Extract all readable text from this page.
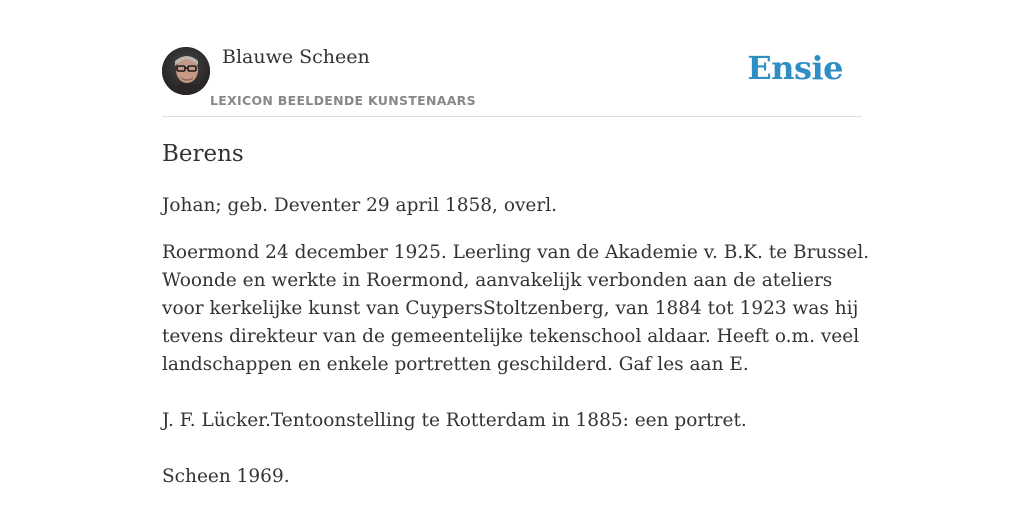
Blauwe Scheen
LEXICON BEELDENDE KUNSTENAARS
Ensie
Berens

Johan; geb. Deventer 29 april 1858, overl.

Roermond 24 december 1925. Leerling van de Akademie v. B.K. te Brussel. Woonde en werkte in Roermond, aanvakelijk verbonden aan de ateliers voor kerkelijke kunst van CuypersStoltzenberg, van 1884 tot 1923 was hij tevens direkteur van de gemeentelijke tekenschool aldaar. Heeft o.m. veel landschappen en enkele portretten geschilderd. Gaf les aan E.

J. F. Lücker.Tentoonstelling te Rotterdam in 1885: een portret.

Scheen 1969.
